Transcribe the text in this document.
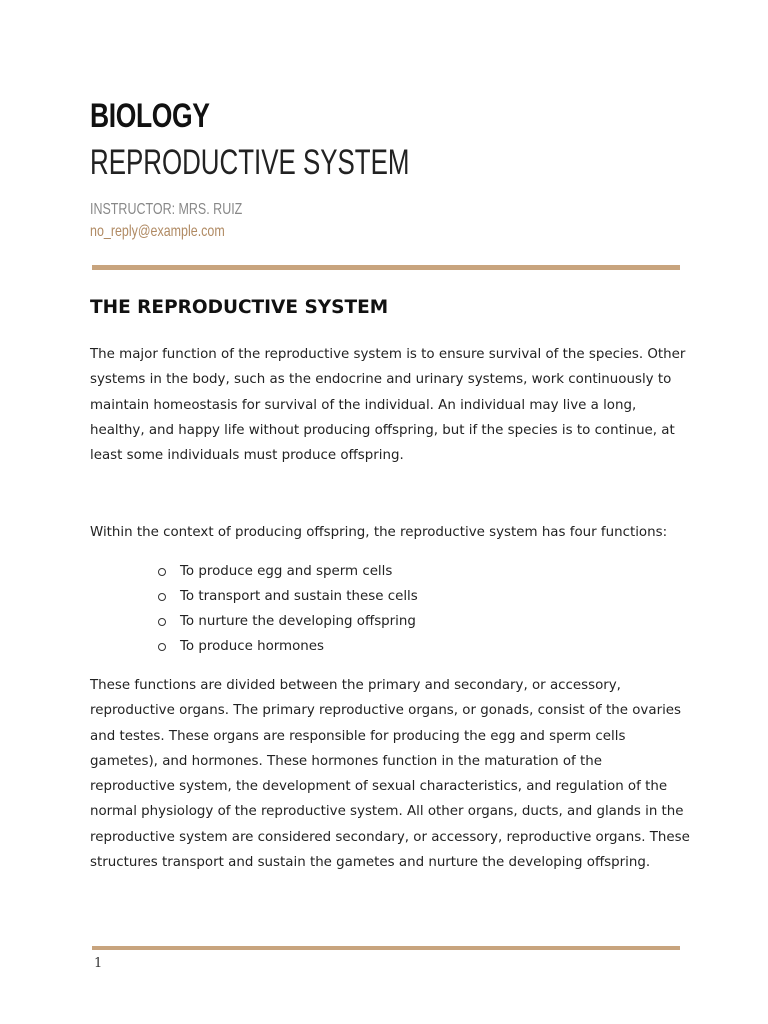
BIOLOGY
REPRODUCTIVE SYSTEM
INSTRUCTOR: MRS. RUIZ
no_reply@example.com
THE REPRODUCTIVE SYSTEM

The major function of the reproductive system is to ensure survival of the species. Other systems in the body, such as the endocrine and urinary systems, work continuously to maintain homeostasis for survival of the individual. An individual may live a long, healthy, and happy life without producing offspring, but if the species is to continue, at least some individuals must produce offspring.

Within the context of producing offspring, the reproductive system has four functions:

To produce egg and sperm cells
To transport and sustain these cells
To nurture the developing offspring
To produce hormones

These functions are divided between the primary and secondary, or accessory, reproductive organs. The primary reproductive organs, or gonads, consist of the ovaries and testes. These organs are responsible for producing the egg and sperm cells gametes), and hormones. These hormones function in the maturation of the reproductive system, the development of sexual characteristics, and regulation of the normal physiology of the reproductive system. All other organs, ducts, and glands in the reproductive system are considered secondary, or accessory, reproductive organs. These structures transport and sustain the gametes and nurture the developing offspring.

1
